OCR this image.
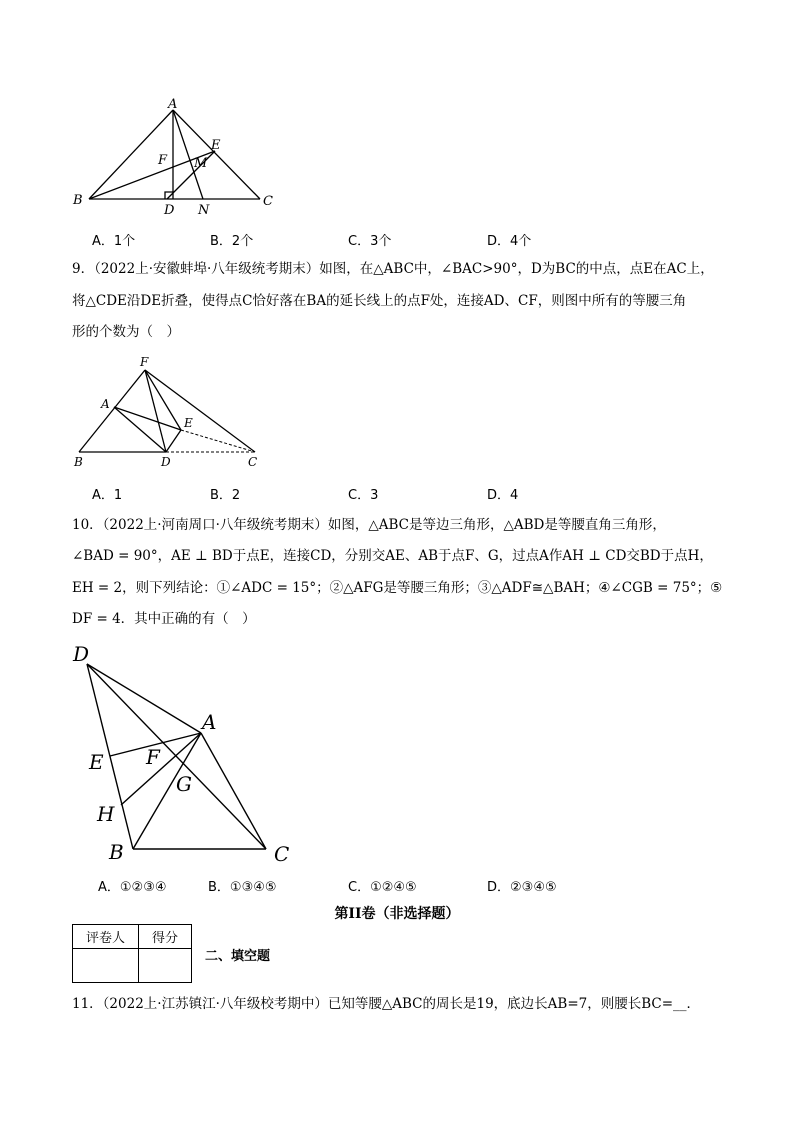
A
B	C
D
E
F M
N
A．1个	B．2个	C．3个	D．4个
9．（2022上·安徽蚌埠·八年级统考期末）如图，在△ABC中，∠BAC>90°，D为BC的中点，点E在AC上，
将△CDE沿DE折叠，使得点C恰好落在BA的延长线上的点F处，连接AD、CF，则图中所有的等腰三角
形的个数为（　）
F
A
E
B	D	C
A．1	B．2	C．3	D．4
10．（2022上·河南周口·八年级统考期末）如图，△ABC是等边三角形，△ABD是等腰直角三角形，
∠BAD = 90°，AE ⊥ BD于点E，连接CD，分别交AE、AB于点F、G，过点A作AH ⊥ CD交BD于点H，
EH = 2，则下列结论：①∠ADC = 15°；②△AFG是等腰三角形；③△ADF≅△BAH；④∠CGB = 75°；⑤
DF = 4．其中正确的有（　）
D
A
E F
G
H
B	C
A．①②③④	B．①③④⑤	C．①②④⑤	D．②③④⑤
第II卷（非选择题）
评卷人	得分

二、填空题
11．（2022上·江苏镇江·八年级校考期中）已知等腰△ABC的周长是19，底边长AB=7，则腰长BC=__．
